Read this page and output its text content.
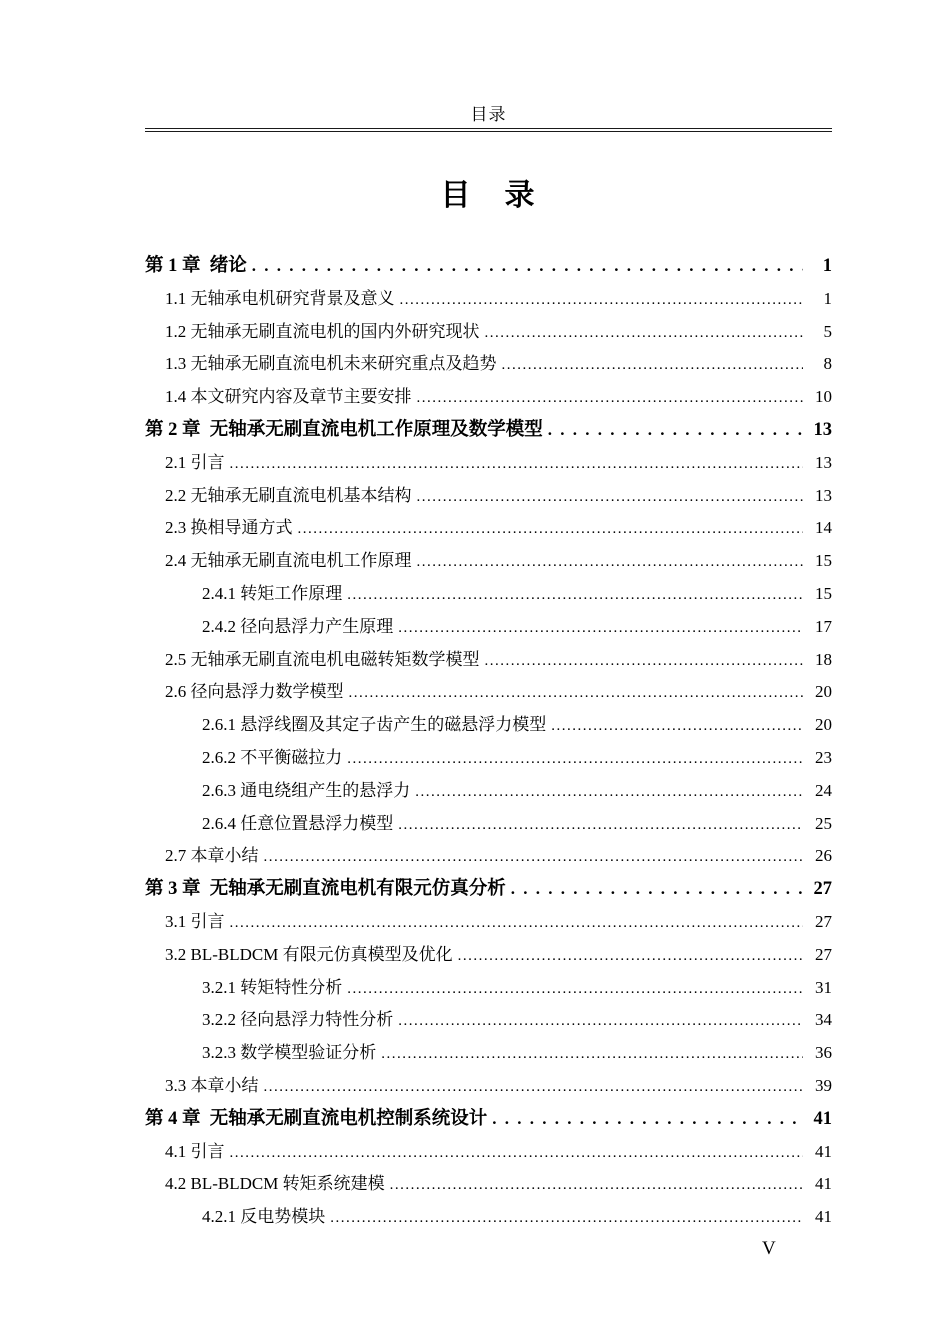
目录
目　录
第 1 章  绪论 . . .	1
1.1 无轴承电机研究背景及意义 .....	1
1.2 无轴承无刷直流电机的国内外研究现状 .....	5
1.3 无轴承无刷直流电机未来研究重点及趋势 .....	8
1.4 本文研究内容及章节主要安排 .....	10
第 2 章  无轴承无刷直流电机工作原理及数学模型 . . .	13
2.1 引言 .....	13
2.2 无轴承无刷直流电机基本结构 .....	13
2.3 换相导通方式 .....	14
2.4 无轴承无刷直流电机工作原理 .....	15
2.4.1 转矩工作原理 .....	15
2.4.2 径向悬浮力产生原理 .....	17
2.5 无轴承无刷直流电机电磁转矩数学模型 .....	18
2.6 径向悬浮力数学模型 .....	20
2.6.1 悬浮线圈及其定子齿产生的磁悬浮力模型 .....	20
2.6.2 不平衡磁拉力 .....	23
2.6.3 通电绕组产生的悬浮力 .....	24
2.6.4 任意位置悬浮力模型 .....	25
2.7 本章小结 .....	26
第 3 章  无轴承无刷直流电机有限元仿真分析 . . .	27
3.1 引言 .....	27
3.2 BL-BLDCM 有限元仿真模型及优化 .....	27
3.2.1 转矩特性分析 .....	31
3.2.2 径向悬浮力特性分析 .....	34
3.2.3 数学模型验证分析 .....	36
3.3 本章小结 .....	39
第 4 章  无轴承无刷直流电机控制系统设计 . . .	41
4.1 引言 .....	41
4.2 BL-BLDCM 转矩系统建模 .....	41
4.2.1 反电势模块 .....	41
V
